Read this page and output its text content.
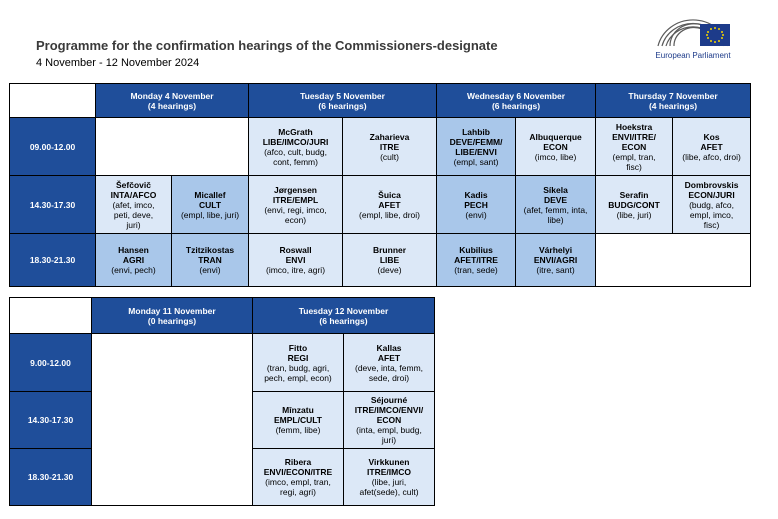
Programme for the confirmation hearings of the Commissioners-designate
4 November - 12 November 2024
European Parliament
	Monday 4 November
(4 hearings)		Tuesday 5 November
(6 hearings)		Wednesday 6 November
(6 hearings)		Thursday 7 November
(4 hearings)	
09.00-12.00			McGrath
LIBE/IMCO/JURI
(afco, cult, budg,
cont, femm)	Zaharieva
ITRE
(cult)	Lahbib
DEVE/FEMM/
LIBE/ENVI
(empl, sant)	Albuquerque
ECON
(imco, libe)	Hoekstra
ENVI/ITRE/
ECON
(empl, tran,
fisc)	Kos
AFET
(libe, afco, droi)

14.30-17.30	Šefčovič
INTA/AFCO
(afet, imco,
peti, deve,
juri)	Micallef
CULT
(empl, libe, juri)	Jørgensen
ITRE/EMPL
(envi, regi, imco,
econ)	Šuica
AFET
(empl, libe, droi)	Kadis
PECH
(envi)	Síkela
DEVE
(afet, femm, inta,
libe)	Serafin
BUDG/CONT
(libe, juri)	Dombrovskis
ECON/JURI
(budg, afco,
empl, imco,
fisc)

18.30-21.30	Hansen
AGRI
(envi, pech)	Tzitzikostas
TRAN
(envi)	Roswall
ENVI
(imco, itre, agri)	Brunner
LIBE
(deve)	Kubilius
AFET/ITRE
(tran, sede)	Várhelyi
ENVI/AGRI
(itre, sant)		

	Monday 11 November
(0 hearings)	Tuesday 12 November
(6 hearings)	
9.00-12.00		Fitto
REGI
(tran, budg, agri,
pech, empl, econ)	Kallas
AFET
(deve, inta, femm,
sede, droi)

14.30-17.30		Mînzatu
EMPL/CULT
(femm, libe)	Séjourné
ITRE/IMCO/ENVI/
ECON
(inta, empl, budg,
juri)

18.30-21.30		Ribera
ENVI/ECON/ITRE
(imco, empl, tran,
regi, agri)	Virkkunen
ITRE/IMCO
(libe, juri,
afet(sede), cult)
